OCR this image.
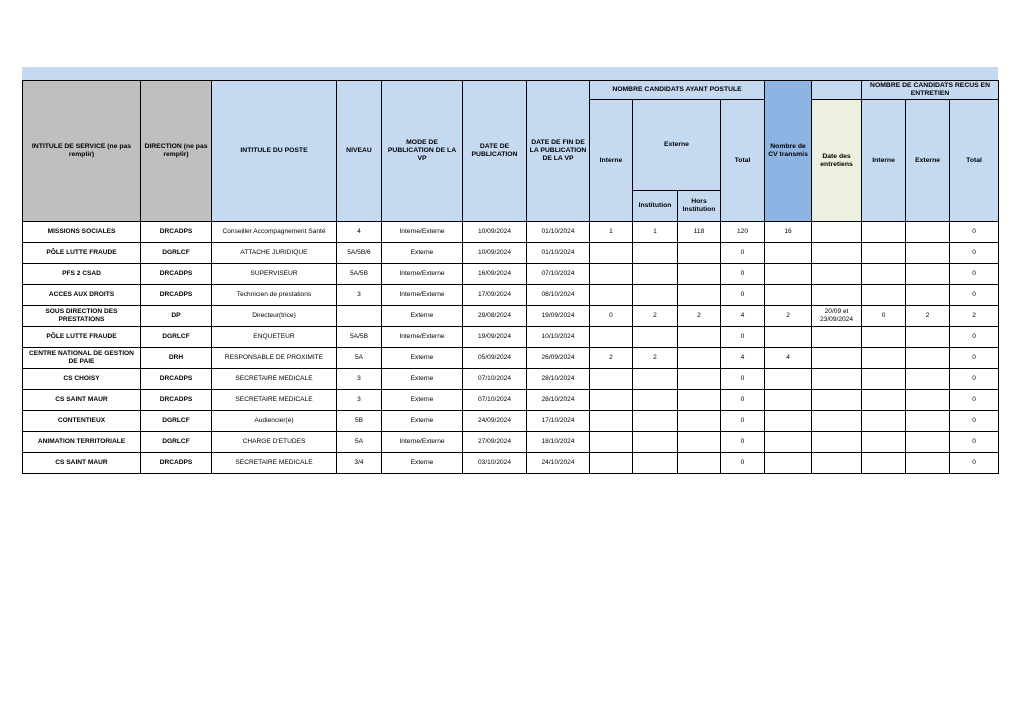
INTITULE DE SERVICE (ne pas remplir)	DIRECTION (ne pas remplir)	INTITULE DU POSTE	NIVEAU	MODE DE PUBLICATION DE LA VP	DATE DE PUBLICATION	DATE DE FIN DE LA PUBLICATION DE LA VP	NOMBRE CANDIDATS AYANT POSTULE				Nombre de CV transmis		NOMBRE DE CANDIDATS RECUS EN ENTRETIEN		
							Interne	Externe		Total		Date des entretiens	Interne	Externe	Total
								Institution	Hors Institution						
MISSIONS SOCIALES	DRCADPS	Conseiller Accompagnement Santé	4	Interne/Externe	10/09/2024	01/10/2024	1	1	118	120	16				0
PÔLE LUTTE FRAUDE	DGRLCF	ATTACHE JURIDIQUE	5A/5B/6	Externe	10/09/2024	01/10/2024				0					0
PFS 2 CSAD	DRCADPS	SUPERVISEUR	5A/5B	Interne/Externe	16/09/2024	07/10/2024				0					0
ACCES AUX DROITS	DRCADPS	Technicien de prestations	3	Interne/Externe	17/09/2024	08/10/2024				0					0
SOUS DIRECTION DES PRESTATIONS	DP	Directeur(trice)		Externe	29/08/2024	19/09/2024	0	2	2	4	2	20/09 et 23/09/2024	0	2	2
PÔLE LUTTE FRAUDE	DGRLCF	ENQUETEUR	5A/5B	Interne/Externe	19/09/2024	10/10/2024				0					0
CENTRE NATIONAL DE GESTION DE PAIE	DRH	RESPONSABLE DE PROXIMITE	5A	Externe	05/09/2024	26/09/2024	2	2		4	4				0
CS CHOISY	DRCADPS	SECRETAIRE MEDICALE	3	Externe	07/10/2024	28/10/2024				0					0
CS SAINT MAUR	DRCADPS	SECRETAIRE MEDICALE	3	Externe	07/10/2024	28/10/2024				0					0
CONTENTIEUX	DGRLCF	Audiencier(e)	5B	Externe	24/09/2024	17/10/2024				0					0
ANIMATION TERRITORIALE	DGRLCF	CHARGE D'ETUDES	5A	Interne/Externe	27/09/2024	18/10/2024				0					0
CS SAINT MAUR	DRCADPS	SECRETAIRE MEDICALE	3/4	Externe	03/10/2024	24/10/2024				0					0
